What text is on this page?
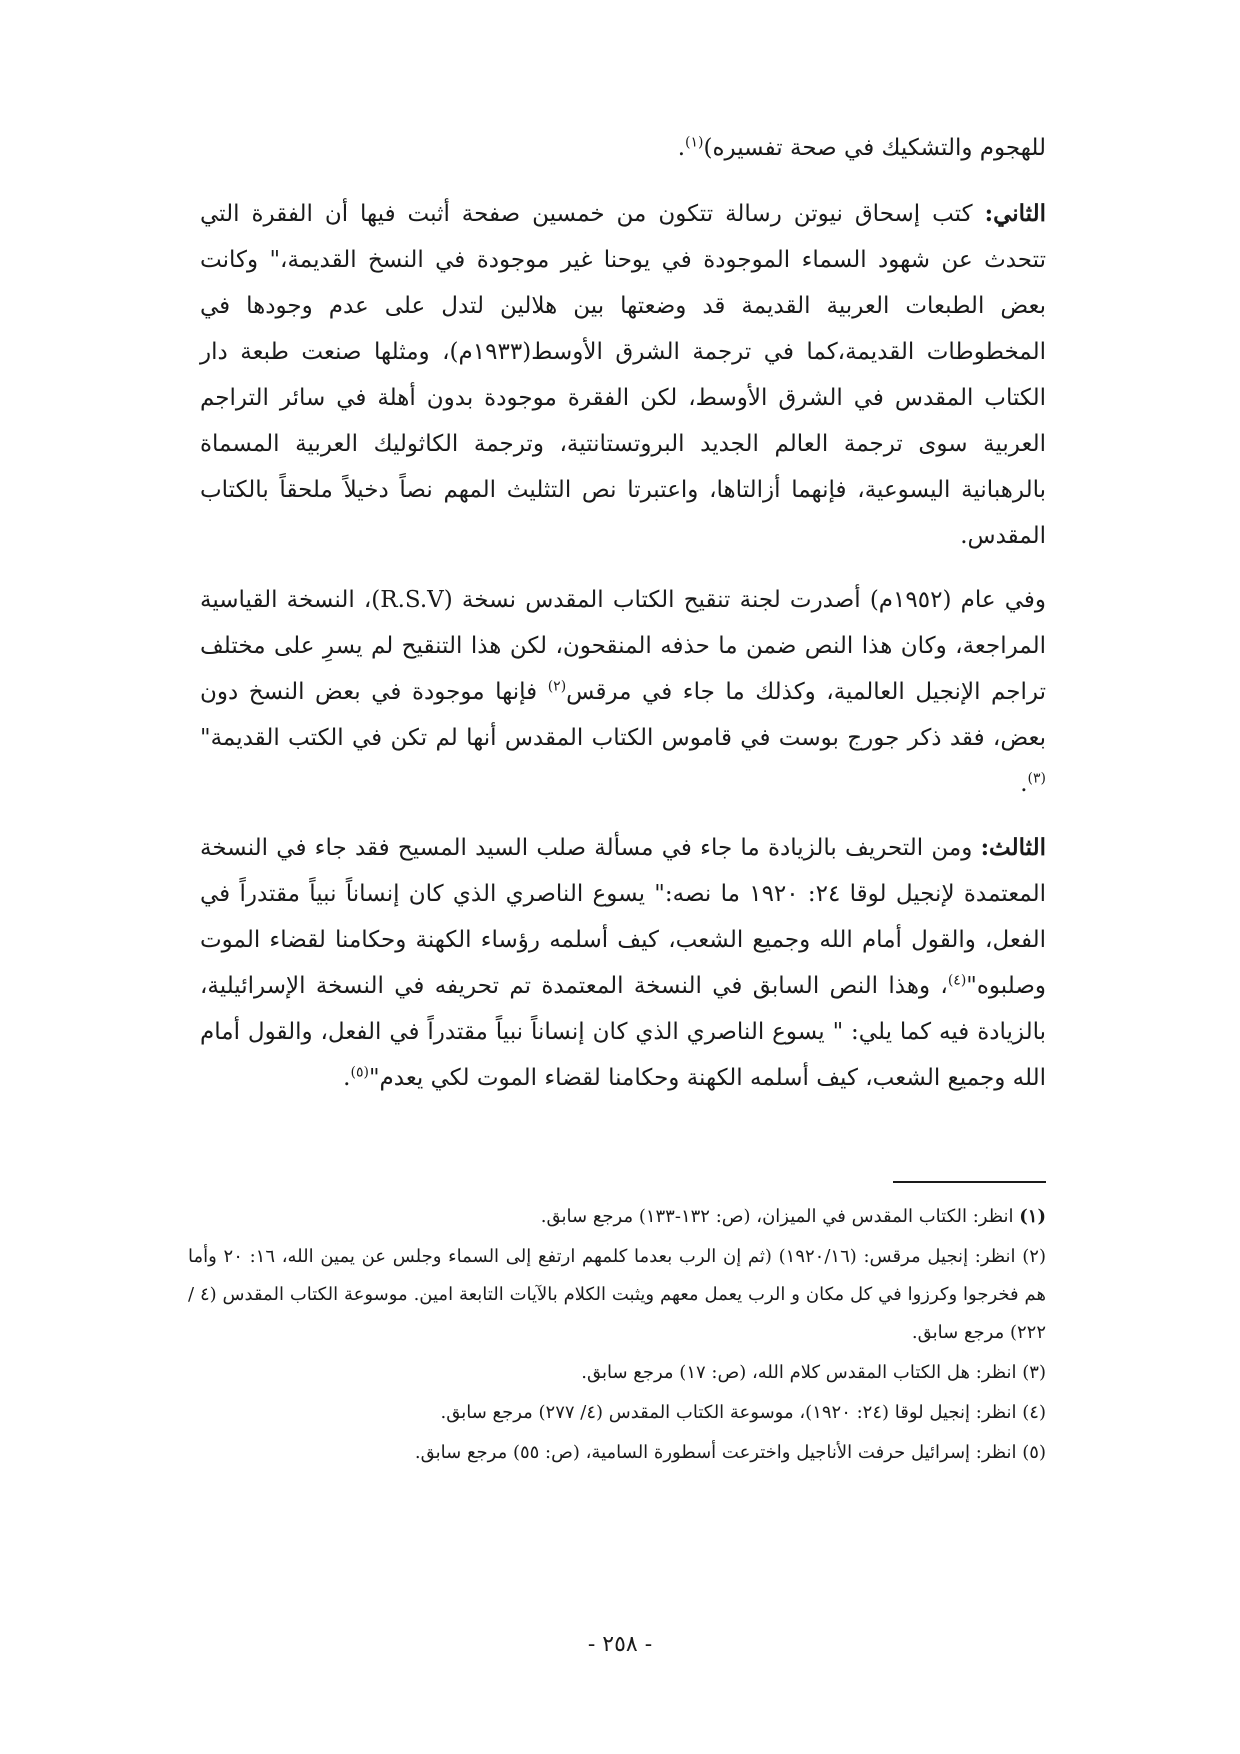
للهجوم والتشكيك في صحة تفسيره)$^{(١)}$.

الثاني: كتب إسحاق نيوتن رسالة تتكون من خمسين صفحة أثبت فيها أن الفقرة التي تتحدث عن شهود السماء الموجودة في يوحنا غير موجودة في النسخ القديمة،" وكانت بعض الطبعات العربية القديمة قد وضعتها بين هلالين لتدل على عدم وجودها في المخطوطات القديمة،كما في ترجمة الشرق الأوسط(١٩٣٣م)، ومثلها صنعت طبعة دار الكتاب المقدس في الشرق الأوسط، لكن الفقرة موجودة بدون أهلة في سائر التراجم العربية سوى ترجمة العالم الجديد البروتستانتية، وترجمة الكاثوليك العربية المسماة بالرهبانية اليسوعية، فإنهما أزالتاها، واعتبرتا نص التثليث المهم نصاً دخيلاً ملحقاً بالكتاب المقدس.

وفي عام (١٩٥٢م) أصدرت لجنة تنقيح الكتاب المقدس نسخة (R.S.V)، النسخة القياسية المراجعة، وكان هذا النص ضمن ما حذفه المنقحون، لكن هذا التنقيح لم يسرِ على مختلف تراجم الإنجيل العالمية، وكذلك ما جاء في مرقس$^{(٢)}$ فإنها موجودة في بعض النسخ دون بعض، فقد ذكر جورج بوست في قاموس الكتاب المقدس أنها لم تكن في الكتب القديمة"$^{(٣)}$.

الثالث: ومن التحريف بالزيادة ما جاء في مسألة صلب السيد المسيح فقد جاء في النسخة المعتمدة لإنجيل لوقا ٢٤: ١٩٢٠ ما نصه:" يسوع الناصري الذي كان إنساناً نبياً مقتدراً في الفعل، والقول أمام الله وجميع الشعب، كيف أسلمه رؤساء الكهنة وحكامنا لقضاء الموت وصلبوه"$^{(٤)}$، وهذا النص السابق في النسخة المعتمدة تم تحريفه في النسخة الإسرائيلية، بالزيادة فيه كما يلي: " يسوع الناصري الذي كان إنساناً نبياً مقتدراً في الفعل، والقول أمام الله وجميع الشعب، كيف أسلمه الكهنة وحكامنا لقضاء الموت لكي يعدم"$^{(٥)}$.

(١) انظر: الكتاب المقدس في الميزان، (ص: ١٣٢-١٣٣) مرجع سابق.
(٢) انظر: إنجيل مرقس: (١٩٢٠/١٦) (ثم إن الرب بعدما كلمهم ارتفع إلى السماء وجلس عن يمين الله، ١٦: ٢٠ وأما هم فخرجوا وكرزوا في كل مكان و الرب يعمل معهم ويثبت الكلام بالآيات التابعة امين. موسوعة الكتاب المقدس (٤ / ٢٢٢) مرجع سابق.
(٣) انظر: هل الكتاب المقدس كلام الله، (ص: ١٧) مرجع سابق.
(٤) انظر: إنجيل لوقا (٢٤: ١٩٢٠)، موسوعة الكتاب المقدس (٤/ ٢٧٧) مرجع سابق.
(٥) انظر: إسرائيل حرفت الأناجيل واخترعت أسطورة السامية، (ص: ٥٥) مرجع سابق.
- ٢٥٨ -
